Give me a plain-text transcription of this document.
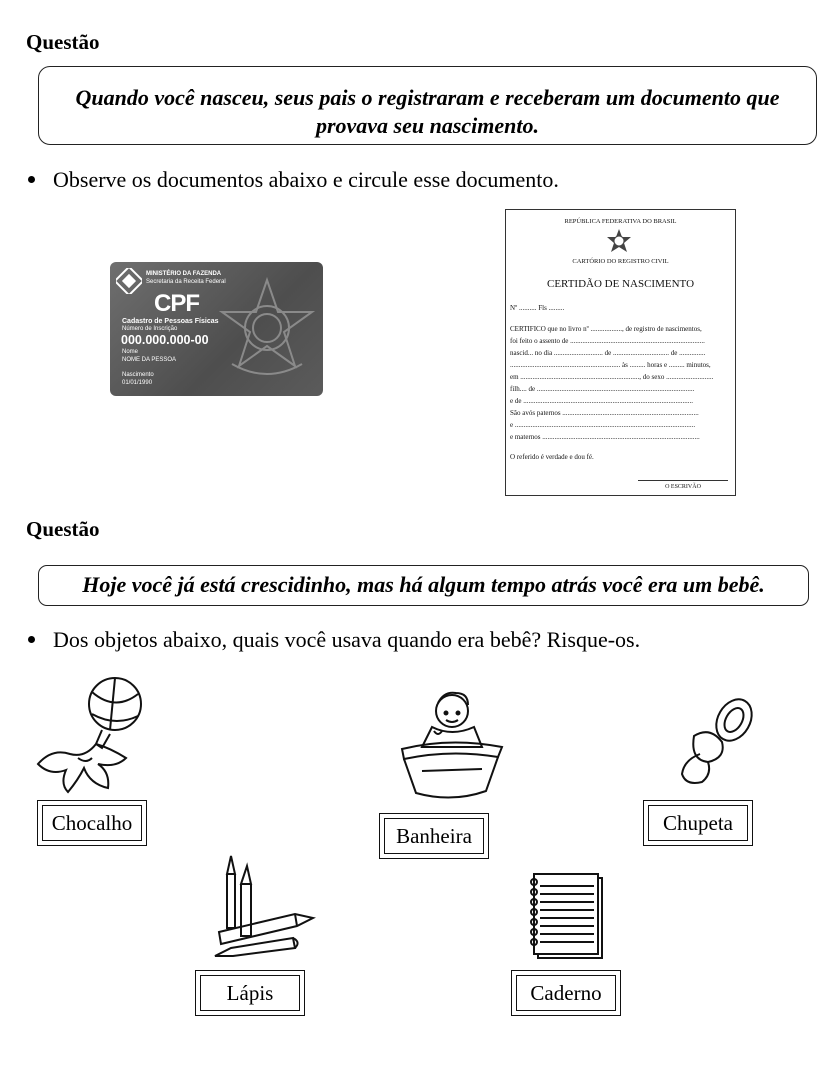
Questão
Quando você nasceu, seus pais o registraram e receberam um documento que
provava seu nascimento.
Observe os documentos abaixo e circule esse documento.
MINISTÉRIO DA FAZENDA
Secretaria da Receita Federal
CPF
Cadastro de Pessoas Físicas
Número de Inscrição
000.000.000-00
Nome
NOME DA PESSOA
Nascimento
01/01/1990
REPÚBLICA FEDERATIVA DO BRASIL
CARTÓRIO DO REGISTRO CIVIL
CERTIDÃO DE NASCIMENTO
Nº .......... Fls .........
CERTIFICO que no livro nº .................., de registro de nascimentos,
foi feito o assento de .............................................................................
nascid... no dia ............................ de ................................ de ...............
............................................................... às ......... horas e ......... minutos,
em ...................................................................., do sexo ...........................
filh.... de ..........................................................................................
e de .................................................................................................
São avós paternos ..............................................................................
e .......................................................................................................
e maternos ..........................................................................................
O referido é verdade e dou fé.
O ESCRIVÃO
Questão
Hoje você já está crescidinho, mas há algum tempo atrás você era um bebê.
Dos objetos abaixo, quais você usava quando era bebê? Risque-os.
Chocalho
Banheira
Chupeta
Lápis	Caderno
